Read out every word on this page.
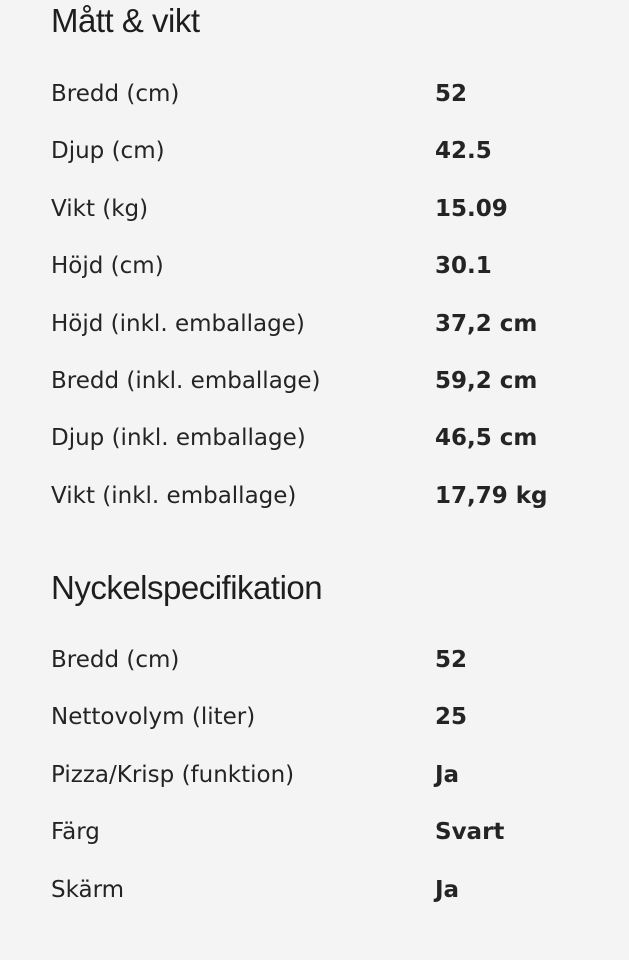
Mått & vikt
Bredd (cm)	52
Djup (cm)	42.5
Vikt (kg)	15.09
Höjd (cm)	30.1
Höjd (inkl. emballage)	37,2 cm
Bredd (inkl. emballage)	59,2 cm
Djup (inkl. emballage)	46,5 cm
Vikt (inkl. emballage)	17,79 kg
Nyckelspecifikation
Bredd (cm)	52
Nettovolym (liter)	25
Pizza/Krisp (funktion)	Ja
Färg	Svart
Skärm	Ja
